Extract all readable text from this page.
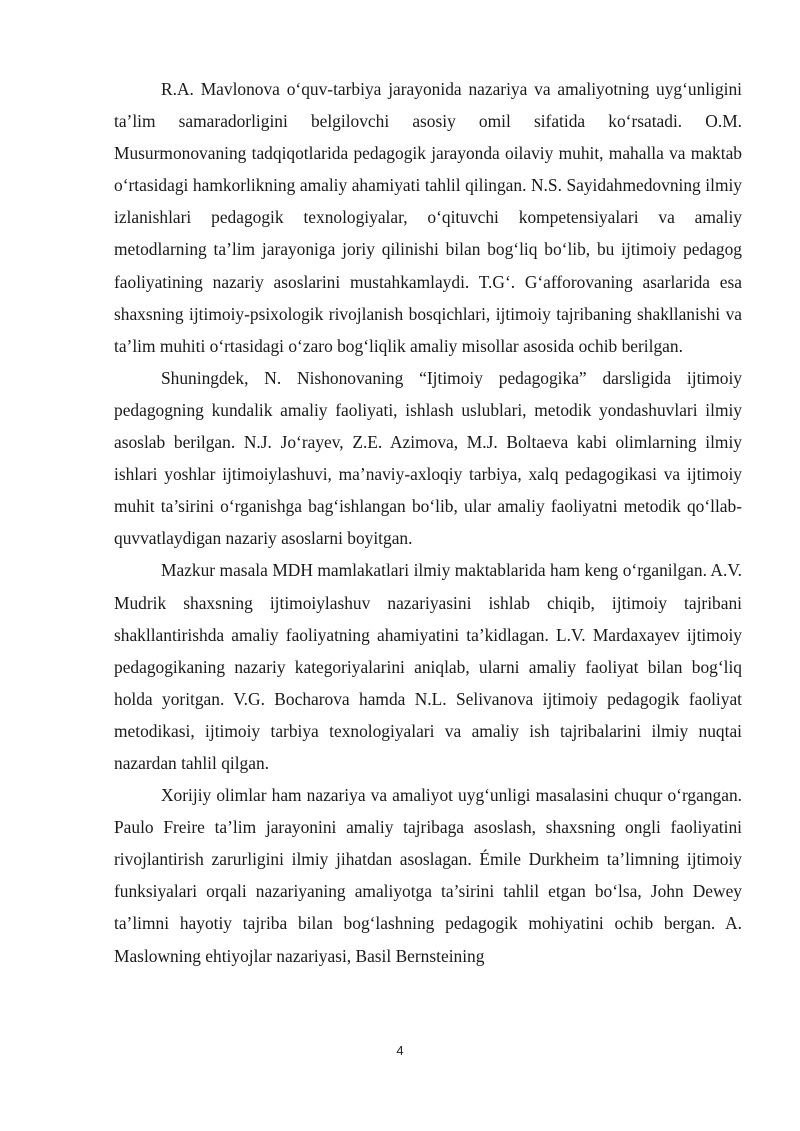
R.A. Mavlonova o‘quv-tarbiya jarayonida nazariya va amaliyotning uyg‘unligini ta’lim samaradorligini belgilovchi asosiy omil sifatida ko‘rsatadi. O.M. Musurmonovaning tadqiqotlarida pedagogik jarayonda oilaviy muhit, mahalla va maktab o‘rtasidagi hamkorlikning amaliy ahamiyati tahlil qilingan. N.S. Sayidahmedovning ilmiy izlanishlari pedagogik texnologiyalar, o‘qituvchi kompetensiyalari va amaliy metodlarning ta’lim jarayoniga joriy qilinishi bilan bog‘liq bo‘lib, bu ijtimoiy pedagog faoliyatining nazariy asoslarini mustahkamlaydi. T.G‘. G‘afforovaning asarlarida esa shaxsning ijtimoiy-psixologik rivojlanish bosqichlari, ijtimoiy tajribaning shakllanishi va ta’lim muhiti o‘rtasidagi o‘zaro bog‘liqlik amaliy misollar asosida ochib berilgan.

Shuningdek, N. Nishonovaning “Ijtimoiy pedagogika” darsligida ijtimoiy pedagogning kundalik amaliy faoliyati, ishlash uslublari, metodik yondashuvlari ilmiy asoslab berilgan. N.J. Jo‘rayev, Z.E. Azimova, M.J. Boltaeva kabi olimlarning ilmiy ishlari yoshlar ijtimoiylashuvi, ma’naviy-axloqiy tarbiya, xalq pedagogikasi va ijtimoiy muhit ta’sirini o‘rganishga bag‘ishlangan bo‘lib, ular amaliy faoliyatni metodik qo‘llab-quvvatlaydigan nazariy asoslarni boyitgan.

Mazkur masala MDH mamlakatlari ilmiy maktablarida ham keng o‘rganilgan. A.V. Mudrik shaxsning ijtimoiylashuv nazariyasini ishlab chiqib, ijtimoiy tajribani shakllantirishda amaliy faoliyatning ahamiyatini ta’kidlagan. L.V. Mardaxayev ijtimoiy pedagogikaning nazariy kategoriyalarini aniqlab, ularni amaliy faoliyat bilan bog‘liq holda yoritgan. V.G. Bocharova hamda N.L. Selivanova ijtimoiy pedagogik faoliyat metodikasi, ijtimoiy tarbiya texnologiyalari va amaliy ish tajribalarini ilmiy nuqtai nazardan tahlil qilgan.

Xorijiy olimlar ham nazariya va amaliyot uyg‘unligi masalasini chuqur o‘rgangan. Paulo Freire ta’lim jarayonini amaliy tajribaga asoslash, shaxsning ongli faoliyatini rivojlantirish zarurligini ilmiy jihatdan asoslagan. Émile Durkheim ta’limning ijtimoiy funksiyalari orqali nazariyaning amaliyotga ta’sirini tahlil etgan bo‘lsa, John Dewey ta’limni hayotiy tajriba bilan bog‘lashning pedagogik mohiyatini ochib bergan. A. Maslowning ehtiyojlar nazariyasi, Basil Bernsteining

4
